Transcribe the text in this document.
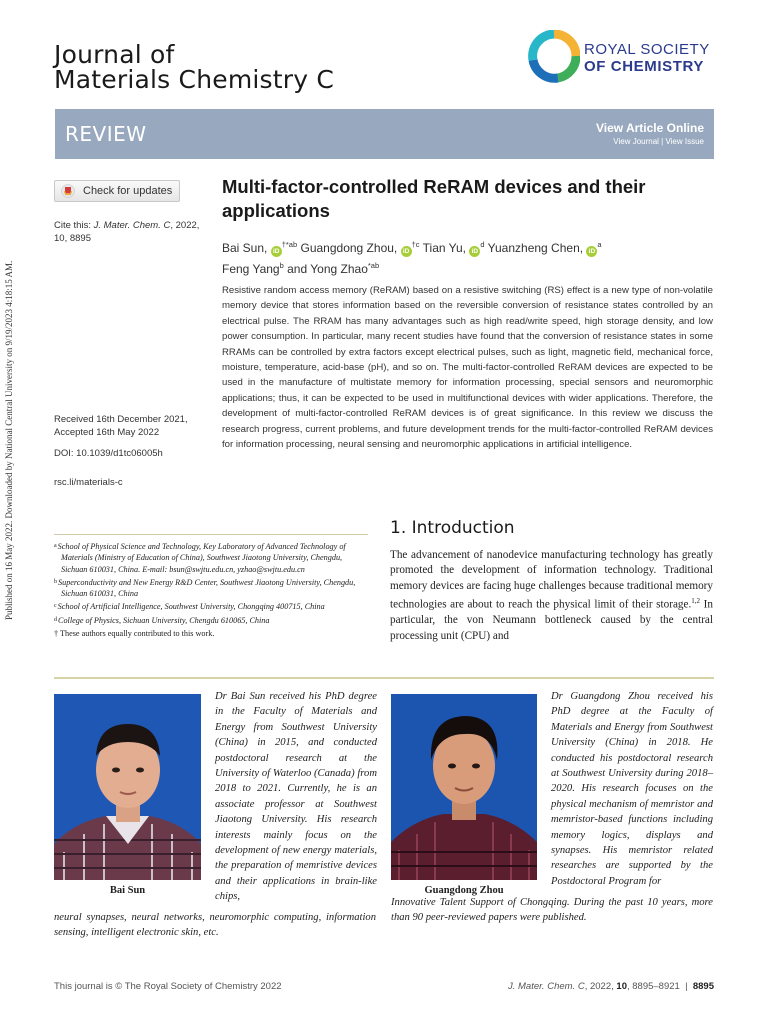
Journal of
Materials Chemistry C
ROYAL SOCIETY
OF CHEMISTRY
REVIEW	View Article Online
View Journal | View Issue
Published on 16 May 2022. Downloaded by National Central University on 9/19/2023 4:18:15 AM.
Check for updates
Cite this: J. Mater. Chem. C, 2022,
10, 8895
Received 16th December 2021,
Accepted 16th May 2022
DOI: 10.1039/d1tc06005h
rsc.li/materials-c
Multi-factor-controlled ReRAM devices and their applications
Bai Sun, $iD^{\dagger*ab}$ Guangdong Zhou, $iD^{\dagger c}$ Tian Yu, $iD^d$ Yuanzheng Chen, $iD^a$
Feng Yang$^b$ and Yong Zhao$^{*ab}$
Resistive random access memory (ReRAM) based on a resistive switching (RS) effect is a new type of non-volatile memory device that stores information based on the reversible conversion of resistance states controlled by an electrical pulse. The RRAM has many advantages such as high read/write speed, high storage density, and low power consumption. In particular, many recent studies have found that the conversion of resistance states in some RRAMs can be controlled by extra factors except electrical pulses, such as light, magnetic field, mechanical force, moisture, temperature, acid-base (pH), and so on. The multi-factor-controlled ReRAM devices are expected to be used in the manufacture of multistate memory for information processing, special sensors and neuromorphic applications; thus, it can be expected to be used in multifunctional devices with wider applications. Therefore, the development of multi-factor-controlled ReRAM devices is of great significance. In this review we discuss the research progress, current problems, and future development trends for the multi-factor-controlled ReRAM devices for information processing, neural sensing and neuromorphic applications in artificial intelligence.
1. Introduction
The advancement of nanodevice manufacturing technology has greatly promoted the development of information technology. Traditional memory devices are facing huge challenges because traditional memory technologies are about to reach the physical limit of their storage.$^{1,2}$ In particular, the von Neumann bottleneck caused by the central processing unit (CPU) and
$^a$School of Physical Science and Technology, Key Laboratory of Advanced Technology of Materials (Ministry of Education of China), Southwest Jiaotong University, Chengdu, Sichuan 610031, China. E-mail: bsun@swjtu.edu.cn, yzhao@swjtu.edu.cn
$^b$Superconductivity and New Energy R&D Center, Southwest Jiaotong University, Chengdu, Sichuan 610031, China
$^c$School of Artificial Intelligence, Southwest University, Chongqing 400715, China
$^d$College of Physics, Sichuan University, Chengdu 610065, China
† These authors equally contributed to this work.
Bai Sun
Dr Bai Sun received his PhD degree in the Faculty of Materials and Energy from Southwest University (China) in 2015, and conducted postdoctoral research at the University of Waterloo (Canada) from 2018 to 2021. Currently, he is an associate professor at Southwest Jiaotong University. His research interests mainly focus on the development of new energy materials, the preparation of memristive devices and their applications in brain-like chips,
neural synapses, neural networks, neuromorphic computing, information sensing, intelligent electronic skin, etc.
Guangdong Zhou
Dr Guangdong Zhou received his PhD degree at the Faculty of Materials and Energy from Southwest University (China) in 2018. He conducted his postdoctoral research at Southwest University during 2018–2020. His research focuses on the physical mechanism of memristor and memristor-based functions including memory logics, displays and synapses. His memristor related researches are supported by the Postdoctoral Program for
Innovative Talent Support of Chongqing. During the past 10 years, more than 90 peer-reviewed papers were published.
This journal is © The Royal Society of Chemistry 2022	J. Mater. Chem. C, 2022, 10, 8895–8921  |  8895
